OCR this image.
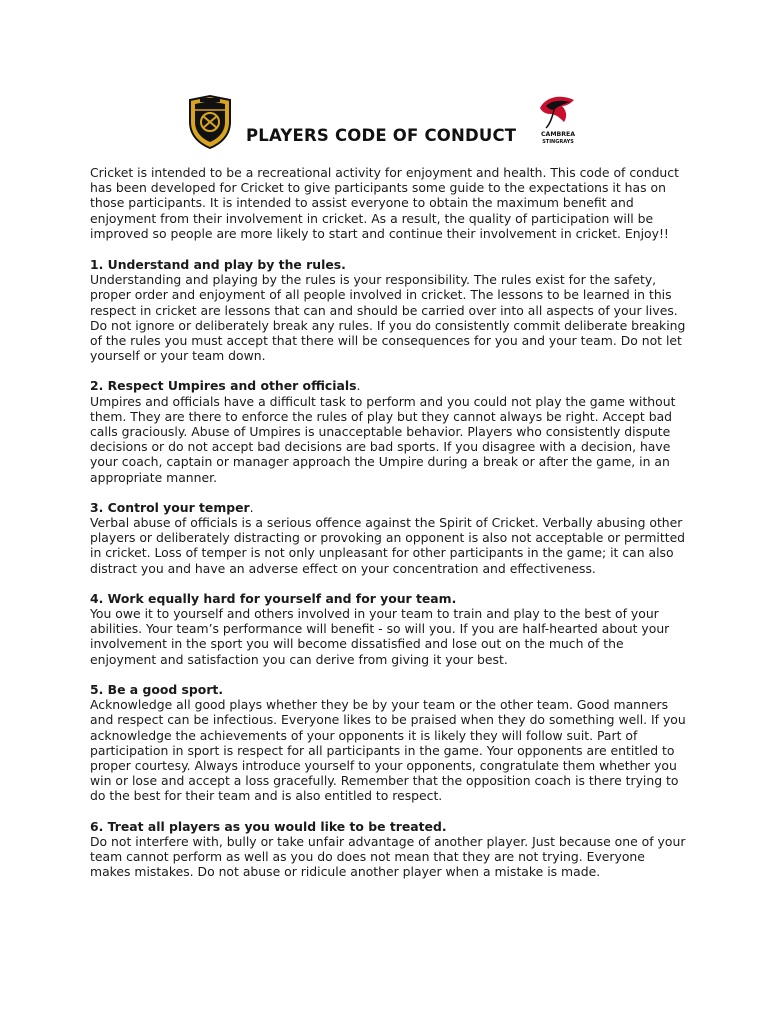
PLAYERS CODE OF CONDUCT	CAMBREA
STINGRAYS

Cricket is intended to be a recreational activity for enjoyment and health. This code of conduct has been developed for Cricket to give participants some guide to the expectations it has on those participants. It is intended to assist everyone to obtain the maximum benefit and enjoyment from their involvement in cricket. As a result, the quality of participation will be improved so people are more likely to start and continue their involvement in cricket. Enjoy!!

1. Understand and play by the rules.

Understanding and playing by the rules is your responsibility. The rules exist for the safety, proper order and enjoyment of all people involved in cricket. The lessons to be learned in this respect in cricket are lessons that can and should be carried over into all aspects of your lives. Do not ignore or deliberately break any rules. If you do consistently commit deliberate breaking of the rules you must accept that there will be consequences for you and your team. Do not let yourself or your team down.

2. Respect Umpires and other officials.

Umpires and officials have a difficult task to perform and you could not play the game without them. They are there to enforce the rules of play but they cannot always be right. Accept bad calls graciously. Abuse of Umpires is unacceptable behavior. Players who consistently dispute decisions or do not accept bad decisions are bad sports. If you disagree with a decision, have your coach, captain or manager approach the Umpire during a break or after the game, in an appropriate manner.

3. Control your temper.

Verbal abuse of officials is a serious offence against the Spirit of Cricket. Verbally abusing other players or deliberately distracting or provoking an opponent is also not acceptable or permitted in cricket. Loss of temper is not only unpleasant for other participants in the game; it can also distract you and have an adverse effect on your concentration and effectiveness.

4. Work equally hard for yourself and for your team.

You owe it to yourself and others involved in your team to train and play to the best of your abilities. Your team’s performance will benefit - so will you. If you are half-hearted about your involvement in the sport you will become dissatisfied and lose out on the much of the enjoyment and satisfaction you can derive from giving it your best.

5. Be a good sport.

Acknowledge all good plays whether they be by your team or the other team. Good manners and respect can be infectious. Everyone likes to be praised when they do something well. If you acknowledge the achievements of your opponents it is likely they will follow suit. Part of participation in sport is respect for all participants in the game. Your opponents are entitled to proper courtesy. Always introduce yourself to your opponents, congratulate them whether you win or lose and accept a loss gracefully. Remember that the opposition coach is there trying to do the best for their team and is also entitled to respect.

6. Treat all players as you would like to be treated.

Do not interfere with, bully or take unfair advantage of another player. Just because one of your team cannot perform as well as you do does not mean that they are not trying. Everyone makes mistakes. Do not abuse or ridicule another player when a mistake is made.
